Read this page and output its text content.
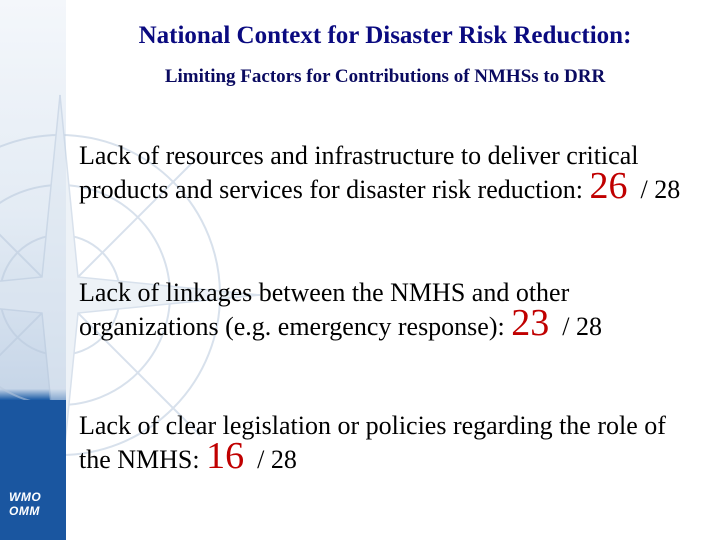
WMO
OMM
National Context for Disaster Risk Reduction:
Limiting Factors for Contributions of NMHSs to DRR
Lack of resources and infrastructure to deliver critical products and services for disaster risk reduction: 26 / 28
Lack of linkages between the NMHS and other organizations (e.g. emergency response): 23 / 28
Lack of clear legislation or policies regarding the role of the NMHS: 16 / 28
